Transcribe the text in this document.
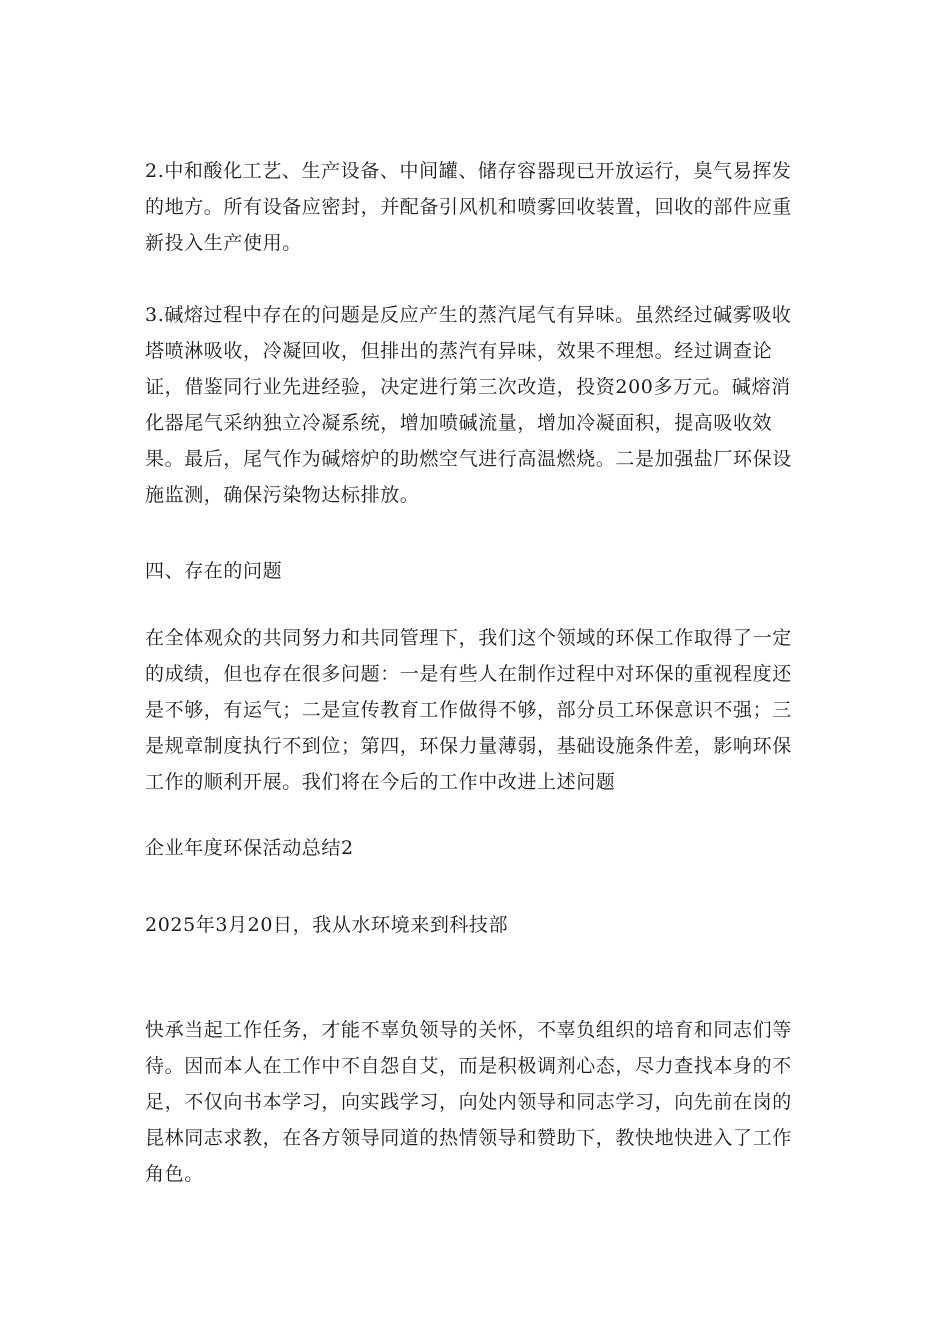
2.中和酸化工艺、生产设备、中间罐、储存容器现已开放运行，臭气易挥发的地方。所有设备应密封，并配备引风机和喷雾回收装置，回收的部件应重新投入生产使用。

3.碱熔过程中存在的问题是反应产生的蒸汽尾气有异味。虽然经过碱雾吸收塔喷淋吸收，冷凝回收，但排出的蒸汽有异味，效果不理想。经过调查论证，借鉴同行业先进经验，决定进行第三次改造，投资200多万元。碱熔消化器尾气采纳独立冷凝系统，增加喷碱流量，增加冷凝面积，提高吸收效果。最后，尾气作为碱熔炉的助燃空气进行高温燃烧。二是加强盐厂环保设施监测，确保污染物达标排放。

四、存在的问题

在全体观众的共同努力和共同管理下，我们这个领域的环保工作取得了一定的成绩，但也存在很多问题：一是有些人在制作过程中对环保的重视程度还是不够，有运气；二是宣传教育工作做得不够，部分员工环保意识不强；三是规章制度执行不到位；第四，环保力量薄弱，基础设施条件差，影响环保工作的顺利开展。我们将在今后的工作中改进上述问题

企业年度环保活动总结2

2025年3月20日，我从水环境来到科技部

快承当起工作任务，才能不辜负领导的关怀，不辜负组织的培育和同志们等待。因而本人在工作中不自怨自艾，而是积极调剂心态，尽力查找本身的不足，不仅向书本学习，向实践学习，向处内领导和同志学习，向先前在岗的昆林同志求教，在各方领导同道的热情领导和赞助下，教快地快进入了工作角色。
